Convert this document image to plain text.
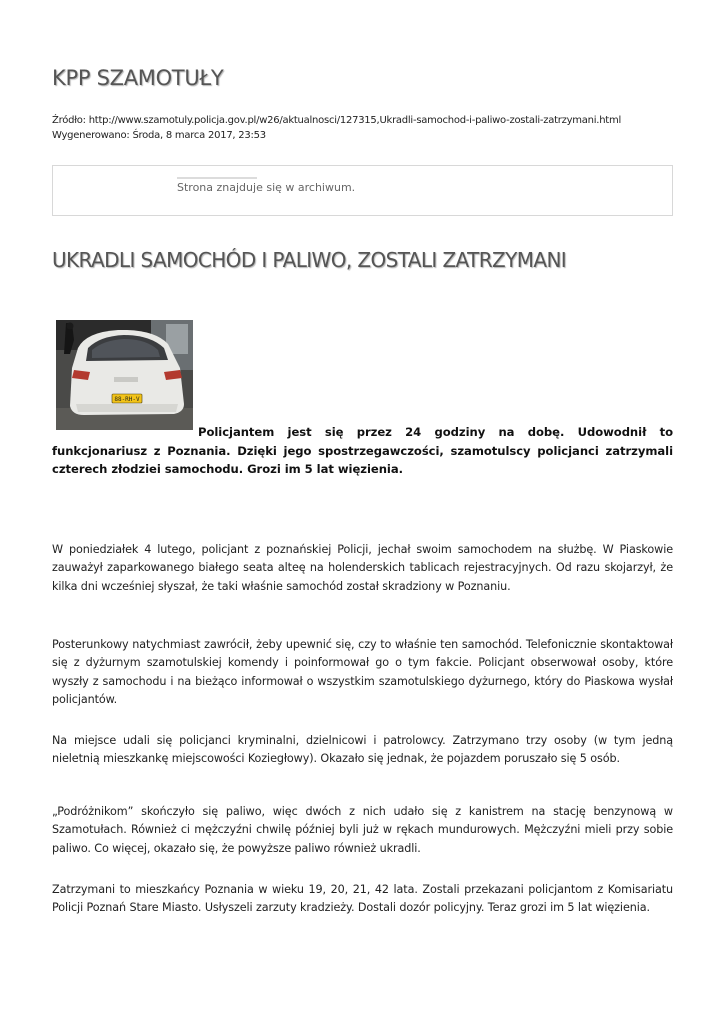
KPP SZAMOTUŁY
Źródło: http://www.szamotuly.policja.gov.pl/w26/aktualnosci/127315,Ukradli-samochod-i-paliwo-zostali-zatrzymani.html
Wygenerowano: Środa, 8 marca 2017, 23:53
Strona znajduje się w archiwum.
UKRADLI SAMOCHÓD I PALIWO, ZOSTALI ZATRZYMANI
88-RH-V
Policjantem jest się przez 24 godziny na dobę. Udowodnił to funkcjonariusz z Poznania. Dzięki jego spostrzegawczości, szamotulscy policjanci zatrzymali czterech złodziei samochodu. Grozi im 5 lat więzienia.

W poniedziałek 4 lutego, policjant z poznańskiej Policji, jechał swoim samochodem na służbę. W Piaskowie zauważył zaparkowanego białego seata alteę na holenderskich tablicach rejestracyjnych. Od razu skojarzył, że kilka dni wcześniej słyszał, że taki właśnie samochód został skradziony w Poznaniu.

Posterunkowy natychmiast zawrócił, żeby upewnić się, czy to właśnie ten samochód. Telefonicznie skontaktował się z dyżurnym szamotulskiej komendy i poinformował go o tym fakcie. Policjant obserwował osoby, które wyszły z samochodu i na bieżąco informował o wszystkim szamotulskiego dyżurnego, który do Piaskowa wysłał policjantów.

Na miejsce udali się policjanci kryminalni, dzielnicowi i patrolowcy. Zatrzymano trzy osoby (w tym jedną nieletnią mieszkankę miejscowości Koziegłowy). Okazało się jednak, że pojazdem poruszało się 5 osób.

„Podróżnikom” skończyło się paliwo, więc dwóch z nich udało się z kanistrem na stację benzynową w Szamotułach. Również ci mężczyźni chwilę później byli już w rękach mundurowych. Mężczyźni mieli przy sobie paliwo. Co więcej, okazało się, że powyższe paliwo również ukradli.

Zatrzymani to mieszkańcy Poznania w wieku 19, 20, 21, 42 lata. Zostali przekazani policjantom z Komisariatu Policji Poznań Stare Miasto. Usłyszeli zarzuty kradzieży. Dostali dozór policyjny. Teraz grozi im 5 lat więzienia.
